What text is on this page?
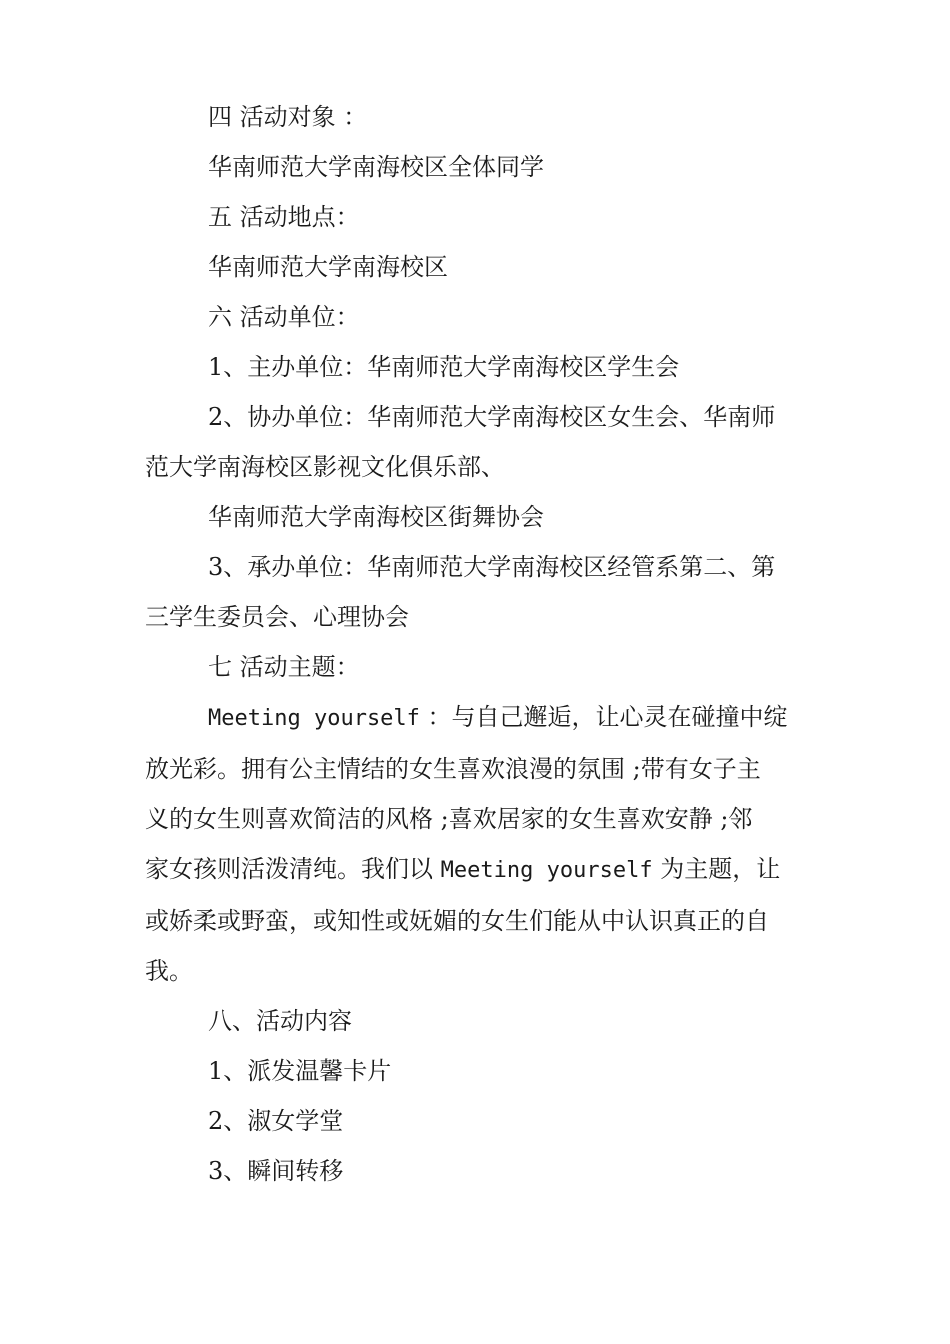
四 活动对象 ：

华南师范大学南海校区全体同学

五 活动地点：

华南师范大学南海校区

六 活动单位：

1、主办单位：华南师范大学南海校区学生会

2、协办单位：华南师范大学南海校区女生会、华南师

范大学南海校区影视文化俱乐部、

华南师范大学南海校区街舞协会

3、承办单位：华南师范大学南海校区经管系第二、第

三学生委员会、心理协会

七 活动主题：

Meeting yourself ：与自己邂逅，让心灵在碰撞中绽

放光彩。拥有公主情结的女生喜欢浪漫的氛围 ;带有女子主

义的女生则喜欢简洁的风格 ;喜欢居家的女生喜欢安静 ;邻

家女孩则活泼清纯。我们以 Meeting yourself 为主题，让

或娇柔或野蛮，或知性或妩媚的女生们能从中认识真正的自

我。

八、活动内容

1、派发温馨卡片

2、淑女学堂

3、瞬间转移
